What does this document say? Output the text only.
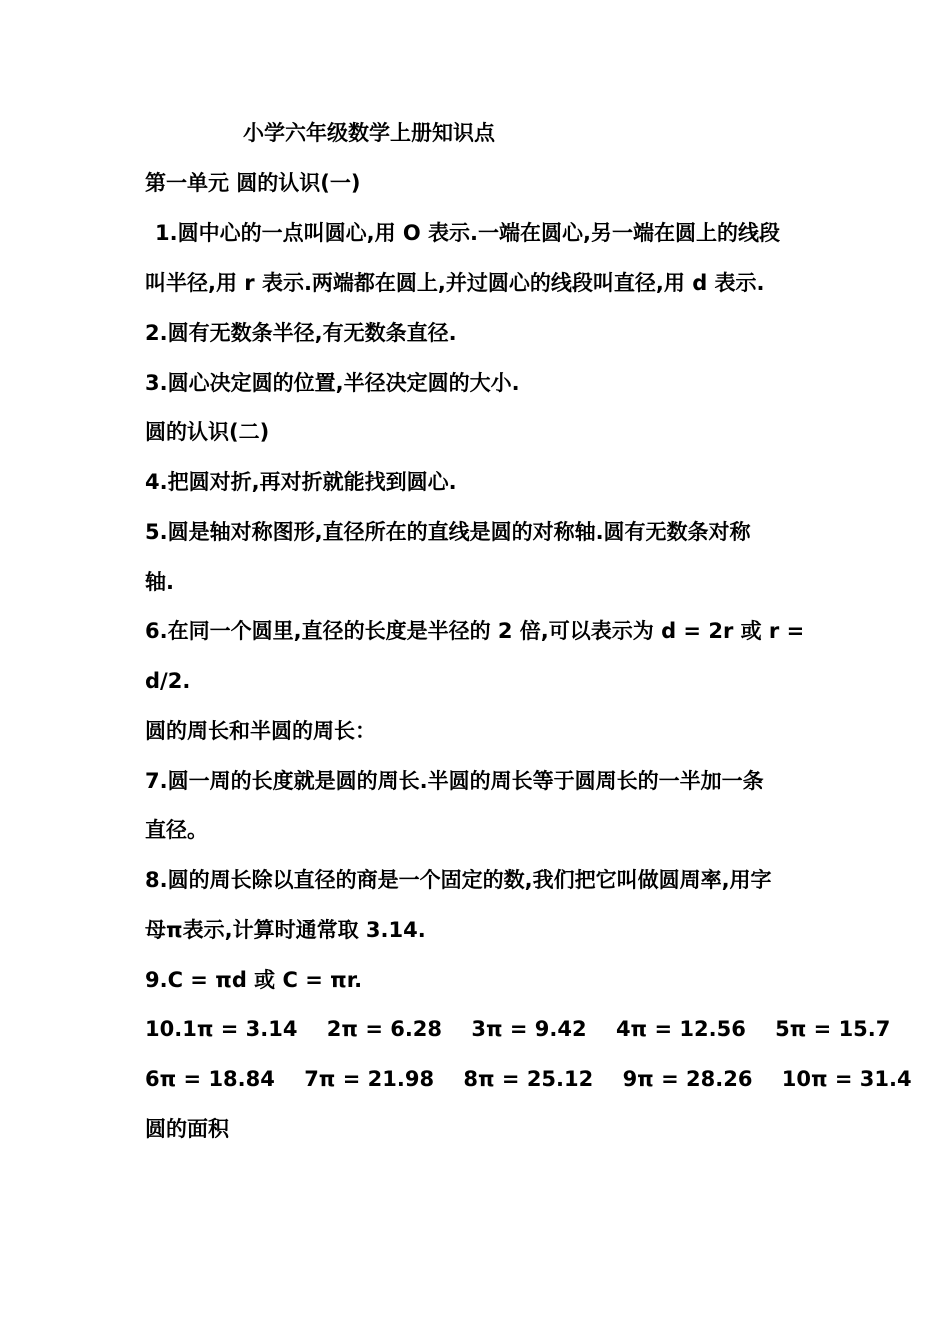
小学六年级数学上册知识点
第一单元 圆的认识(一)
1.圆中心的一点叫圆心,用 O 表示.一端在圆心,另一端在圆上的线段
叫半径,用 r 表示.两端都在圆上,并过圆心的线段叫直径,用 d 表示.
2.圆有无数条半径,有无数条直径.
3.圆心决定圆的位置,半径决定圆的大小.
圆的认识(二)
4.把圆对折,再对折就能找到圆心.
5.圆是轴对称图形,直径所在的直线是圆的对称轴.圆有无数条对称
轴.
6.在同一个圆里,直径的长度是半径的 2 倍,可以表示为 d = 2r 或 r =
d/2.
圆的周长和半圆的周长：
7.圆一周的长度就是圆的周长.半圆的周长等于圆周长的一半加一条
直径。
8.圆的周长除以直径的商是一个固定的数,我们把它叫做圆周率,用字
母π表示,计算时通常取 3.14.
9.C = πd 或 C = πr.
10.1π = 3.14 2π = 6.28 3π = 9.42 4π = 12.56 5π = 15.7
6π = 18.84 7π = 21.98 8π = 25.12 9π = 28.26 10π = 31.4
圆的面积
